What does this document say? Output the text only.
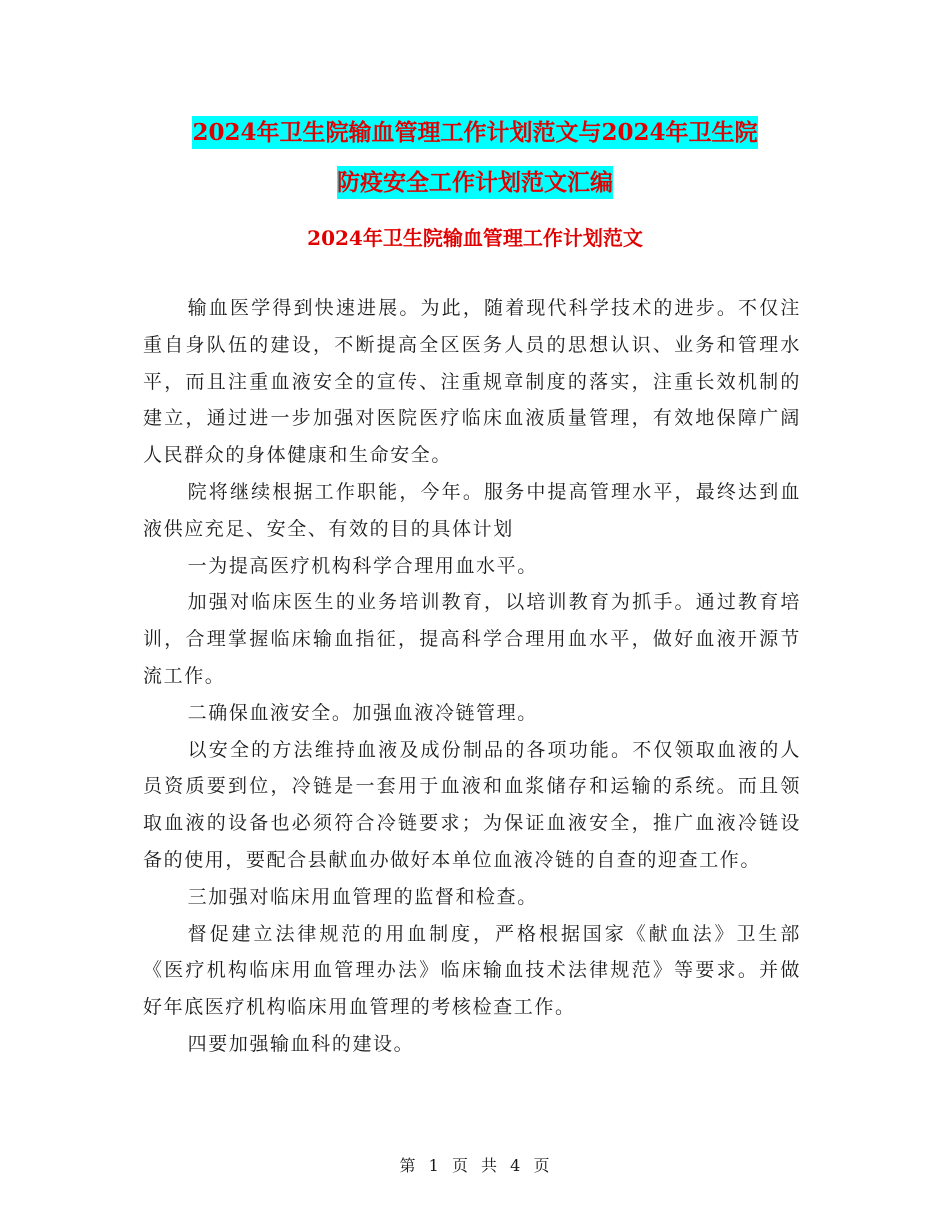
2024年卫生院输血管理工作计划范文与2024年卫生院
防疫安全工作计划范文汇编
2024年卫生院输血管理工作计划范文

输血医学得到快速进展。为此，随着现代科学技术的进步。不仅注重自身队伍的建设，不断提高全区医务人员的思想认识、业务和管理水平，而且注重血液安全的宣传、注重规章制度的落实，注重长效机制的建立，通过进一步加强对医院医疗临床血液质量管理，有效地保障广阔人民群众的身体健康和生命安全。

院将继续根据工作职能，今年。服务中提高管理水平，最终达到血液供应充足、安全、有效的目的具体计划

一为提高医疗机构科学合理用血水平。

加强对临床医生的业务培训教育，以培训教育为抓手。通过教育培训，合理掌握临床输血指征，提高科学合理用血水平，做好血液开源节流工作。

二确保血液安全。加强血液冷链管理。

以安全的方法维持血液及成份制品的各项功能。不仅领取血液的人员资质要到位，冷链是一套用于血液和血浆储存和运输的系统。而且领取血液的设备也必须符合冷链要求；为保证血液安全，推广血液冷链设备的使用，要配合县献血办做好本单位血液冷链的自查的迎查工作。

三加强对临床用血管理的监督和检查。

督促建立法律规范的用血制度，严格根据国家《献血法》卫生部《医疗机构临床用血管理办法》临床输血技术法律规范》等要求。并做好年底医疗机构临床用血管理的考核检查工作。

四要加强输血科的建设。

第 1 页 共 4 页
